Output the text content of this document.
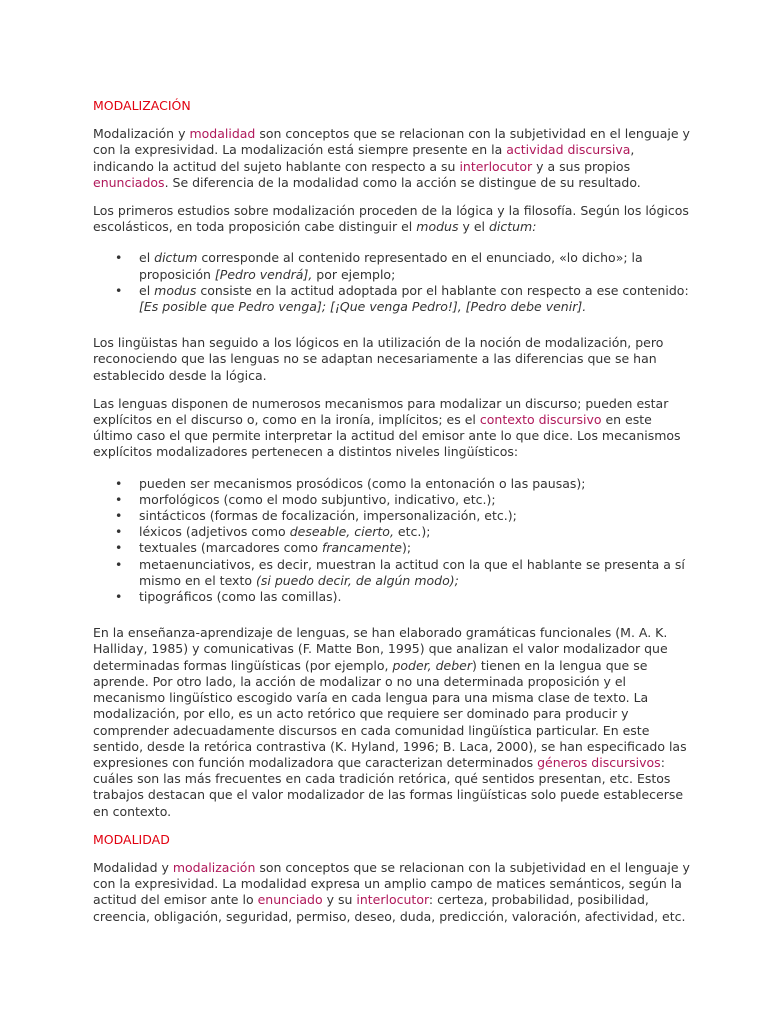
MODALIZACIÓN

Modalización y modalidad son conceptos que se relacionan con la subjetividad en el lenguaje y con la expresividad. La modalización está siempre presente en la actividad discursiva, indicando la actitud del sujeto hablante con respecto a su interlocutor y a sus propios enunciados. Se diferencia de la modalidad como la acción se distingue de su resultado.

Los primeros estudios sobre modalización proceden de la lógica y la filosofía. Según los lógicos escolásticos, en toda proposición cabe distinguir el modus y el dictum:

• el dictum corresponde al contenido representado en el enunciado, «lo dicho»; la proposición [Pedro vendrá], por ejemplo;
• el modus consiste en la actitud adoptada por el hablante con respecto a ese contenido: [Es posible que Pedro venga]; [¡Que venga Pedro!], [Pedro debe venir].

Los lingüistas han seguido a los lógicos en la utilización de la noción de modalización, pero reconociendo que las lenguas no se adaptan necesariamente a las diferencias que se han establecido desde la lógica.

Las lenguas disponen de numerosos mecanismos para modalizar un discurso; pueden estar explícitos en el discurso o, como en la ironía, implícitos; es el contexto discursivo en este último caso el que permite interpretar la actitud del emisor ante lo que dice. Los mecanismos explícitos modalizadores pertenecen a distintos niveles lingüísticos:

• pueden ser mecanismos prosódicos (como la entonación o las pausas);
• morfológicos (como el modo subjuntivo, indicativo, etc.);
• sintácticos (formas de focalización, impersonalización, etc.);
• léxicos (adjetivos como deseable, cierto, etc.);
• textuales (marcadores como francamente);
• metaenunciativos, es decir, muestran la actitud con la que el hablante se presenta a sí mismo en el texto (si puedo decir, de algún modo);
• tipográficos (como las comillas).

En la enseñanza-aprendizaje de lenguas, se han elaborado gramáticas funcionales (M. A. K. Halliday, 1985) y comunicativas (F. Matte Bon, 1995) que analizan el valor modalizador que determinadas formas lingüísticas (por ejemplo, poder, deber) tienen en la lengua que se aprende. Por otro lado, la acción de modalizar o no una determinada proposición y el mecanismo lingüístico escogido varía en cada lengua para una misma clase de texto. La modalización, por ello, es un acto retórico que requiere ser dominado para producir y comprender adecuadamente discursos en cada comunidad lingüística particular. En este sentido, desde la retórica contrastiva (K. Hyland, 1996; B. Laca, 2000), se han especificado las expresiones con función modalizadora que caracterizan determinados géneros discursivos: cuáles son las más frecuentes en cada tradición retórica, qué sentidos presentan, etc. Estos trabajos destacan que el valor modalizador de las formas lingüísticas solo puede establecerse en contexto.

MODALIDAD

Modalidad y modalización son conceptos que se relacionan con la subjetividad en el lenguaje y con la expresividad. La modalidad expresa un amplio campo de matices semánticos, según la actitud del emisor ante lo enunciado y su interlocutor: certeza, probabilidad, posibilidad, creencia, obligación, seguridad, permiso, deseo, duda, predicción, valoración, afectividad, etc.
